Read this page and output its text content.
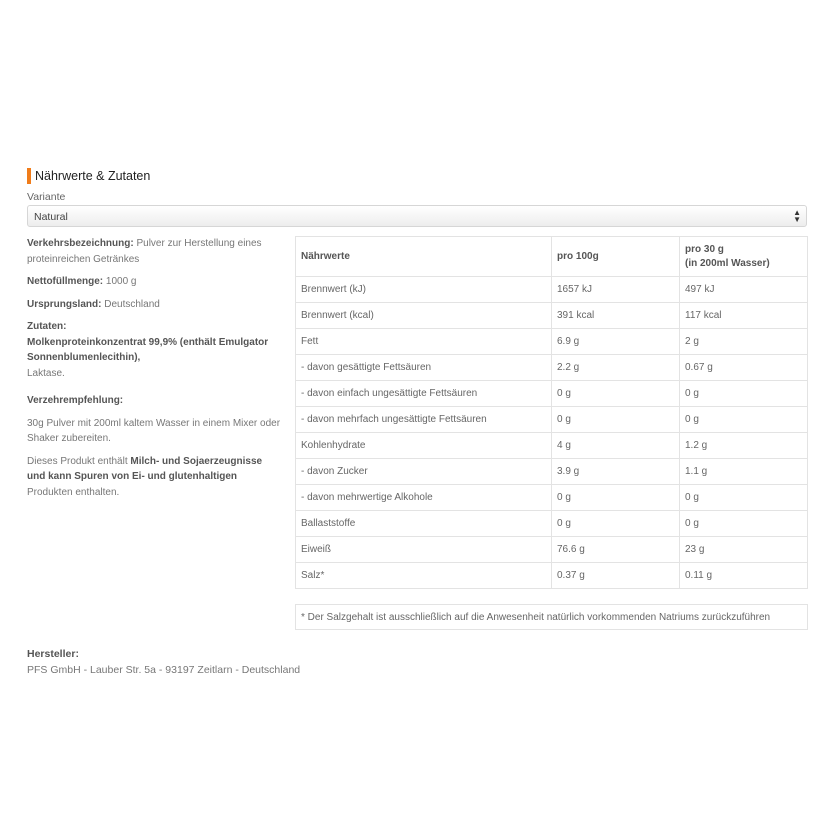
Nährwerte & Zutaten
Variante
Natural	▲
▼
Verkehrsbezeichnung: Pulver zur Herstellung eines proteinreichen Getränkes
Nettofüllmenge: 1000 g
Ursprungsland: Deutschland
Zutaten:
Molkenproteinkonzentrat 99,9% (enthält Emulgator Sonnenblumenlecithin),
Laktase.
Verzehrempfehlung:
30g Pulver mit 200ml kaltem Wasser in einem Mixer oder Shaker zubereiten.
Dieses Produkt enthält Milch- und Sojaerzeugnisse und kann Spuren von Ei- und glutenhaltigen Produkten enthalten.
Nährwerte	pro 100g	pro 30 g
(in 200ml Wasser)
Brennwert (kJ)	1657 kJ	497 kJ
Brennwert (kcal)	391 kcal	117 kcal
Fett	6.9 g	2 g
- davon gesättigte Fettsäuren	2.2 g	0.67 g
- davon einfach ungesättigte Fettsäuren	0 g	0 g
- davon mehrfach ungesättigte Fettsäuren	0 g	0 g
Kohlenhydrate	4 g	1.2 g
- davon Zucker	3.9 g	1.1 g
- davon mehrwertige Alkohole	0 g	0 g
Ballaststoffe	0 g	0 g
Eiweiß	76.6 g	23 g
Salz*	0.37 g	0.11 g
* Der Salzgehalt ist ausschließlich auf die Anwesenheit natürlich vorkommenden Natriums zurückzuführen
Hersteller:
PFS GmbH - Lauber Str. 5a - 93197 Zeitlarn - Deutschland
